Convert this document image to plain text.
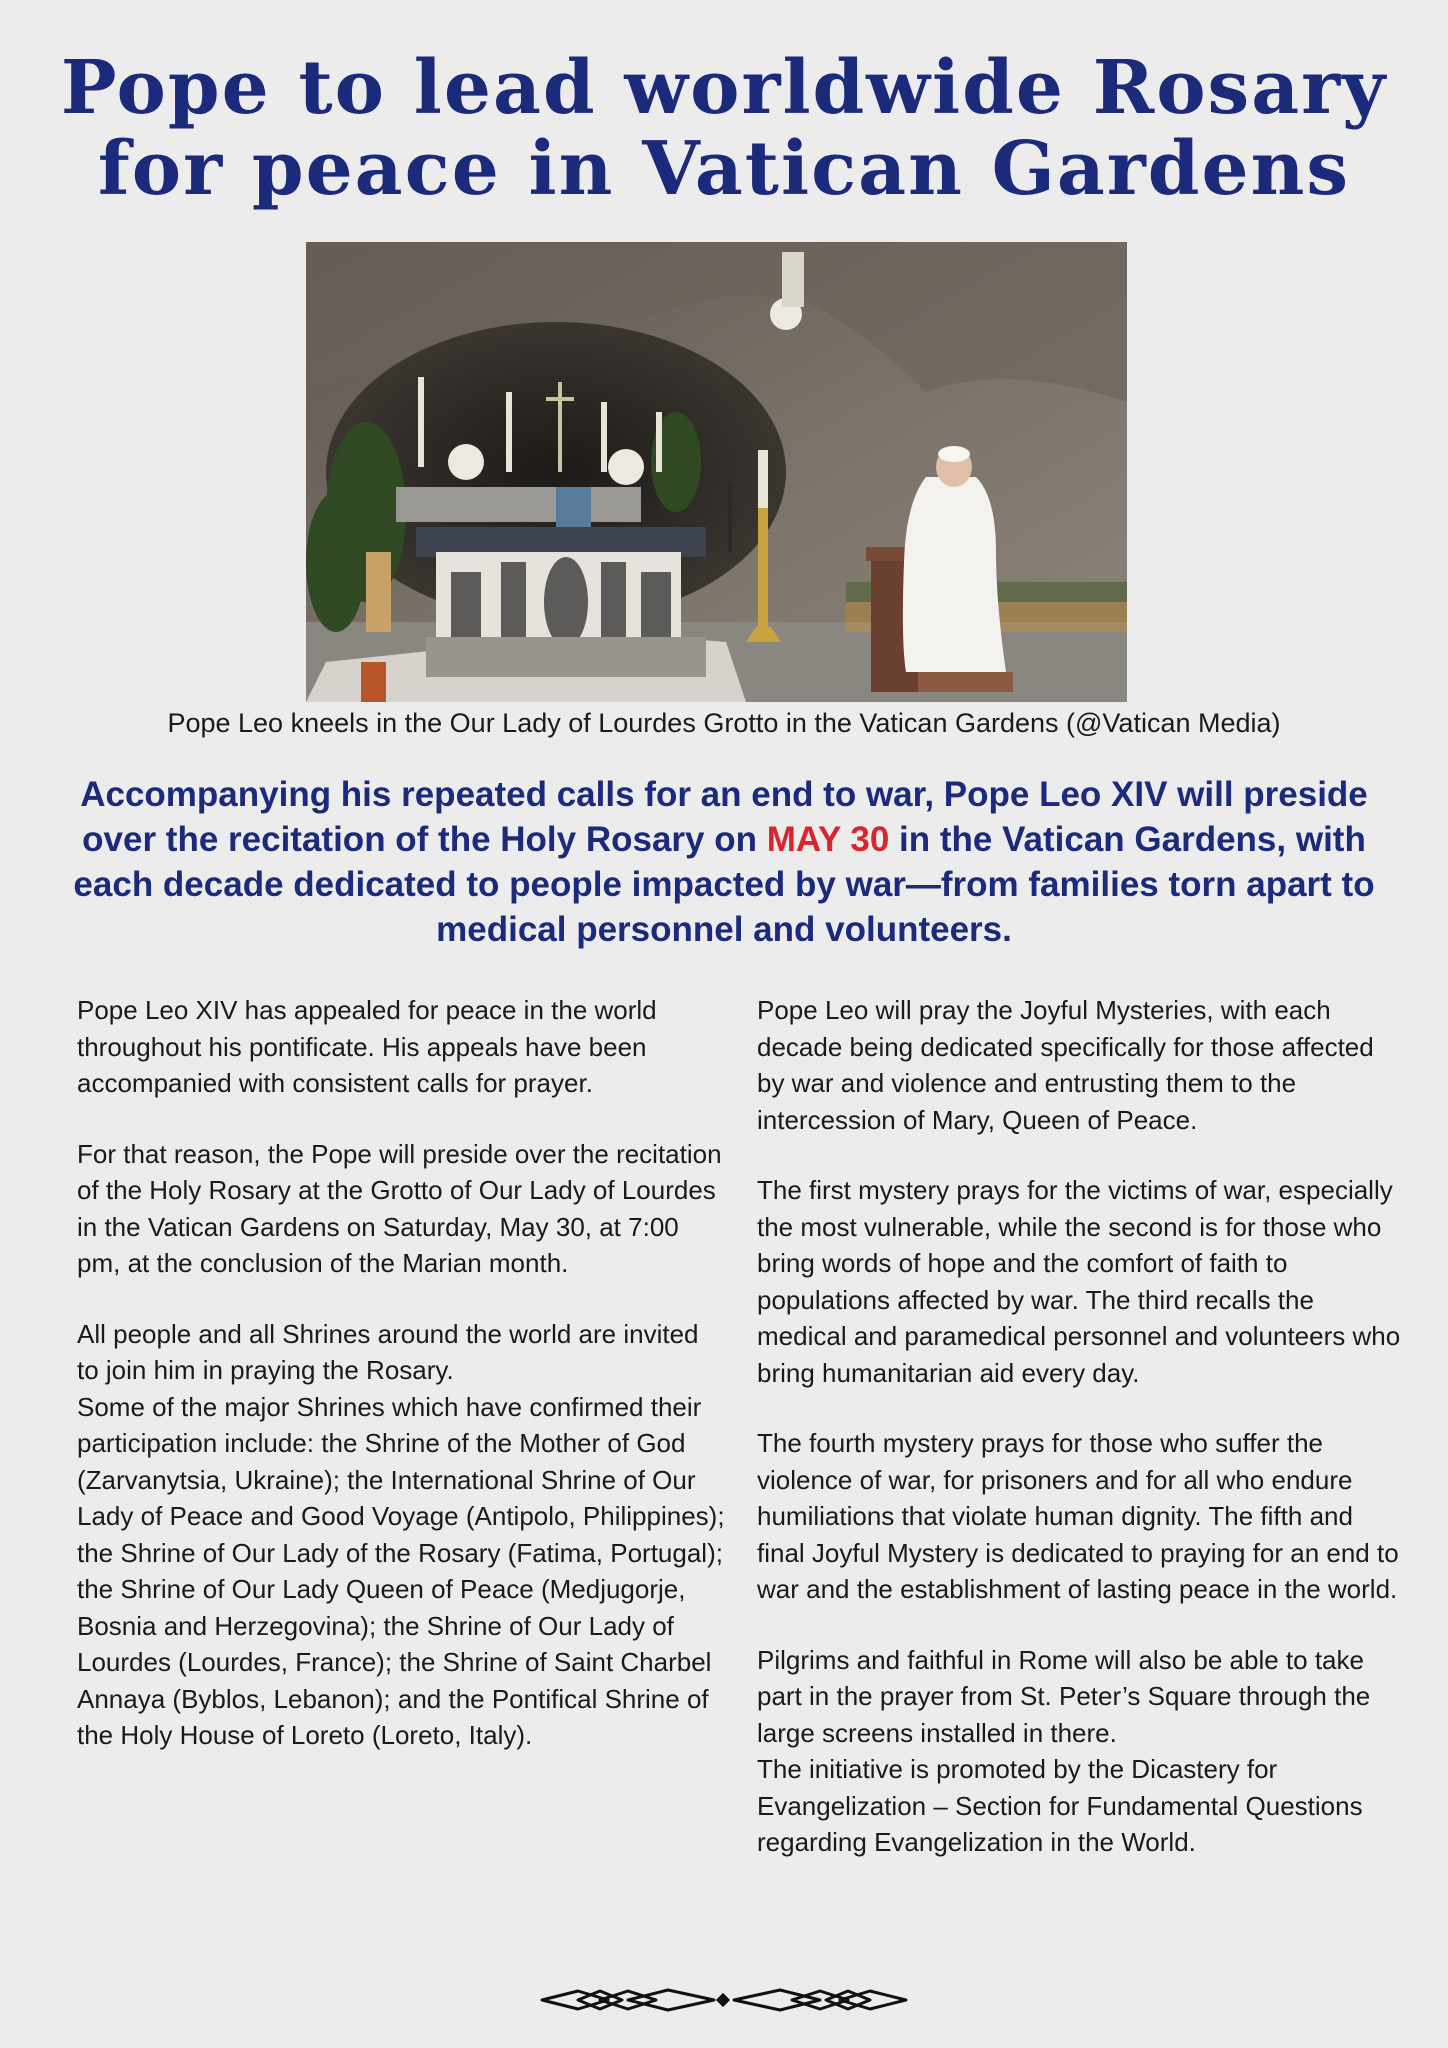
Pope to lead worldwide Rosary
for peace in Vatican Gardens

Pope Leo kneels in the Our Lady of Lourdes Grotto in the Vatican Gardens (@Vatican Media)

Accompanying his repeated calls for an end to war, Pope Leo XIV will preside over the recitation of the Holy Rosary on MAY 30 in the Vatican Gardens, with each decade dedicated to people impacted by war—from families torn apart to medical personnel and volunteers.

Pope Leo XIV has appealed for peace in the world throughout his pontificate. His appeals have been accompanied with consistent calls for prayer.

For that reason, the Pope will preside over the recitation of the Holy Rosary at the Grotto of Our Lady of Lourdes in the Vatican Gardens on Saturday, May 30, at 7:00 pm, at the conclusion of the Marian month.

All people and all Shrines around the world are invited to join him in praying the Rosary.
Some of the major Shrines which have confirmed their participation include: the Shrine of the Mother of God (Zarvanytsia, Ukraine); the International Shrine of Our Lady of Peace and Good Voyage (Antipolo, Philippines); the Shrine of Our Lady of the Rosary (Fatima, Portugal); the Shrine of Our Lady Queen of Peace (Medjugorje, Bosnia and Herzegovina); the Shrine of Our Lady of Lourdes (Lourdes, France); the Shrine of Saint Charbel Annaya (Byblos, Lebanon); and the Pontifical Shrine of the Holy House of Loreto (Loreto, Italy).

Pope Leo will pray the Joyful Mysteries, with each decade being dedicated specifically for those affected by war and violence and entrusting them to the intercession of Mary, Queen of Peace.

The first mystery prays for the victims of war, especially the most vulnerable, while the second is for those who bring words of hope and the comfort of faith to populations affected by war. The third recalls the medical and paramedical personnel and volunteers who bring humanitarian aid every day.

The fourth mystery prays for those who suffer the violence of war, for prisoners and for all who endure humiliations that violate human dignity. The fifth and final Joyful Mystery is dedicated to praying for an end to war and the establishment of lasting peace in the world.

Pilgrims and faithful in Rome will also be able to take part in the prayer from St. Peter’s Square through the large screens installed in there.
The initiative is promoted by the Dicastery for Evangelization – Section for Fundamental Questions regarding Evangelization in the World.
